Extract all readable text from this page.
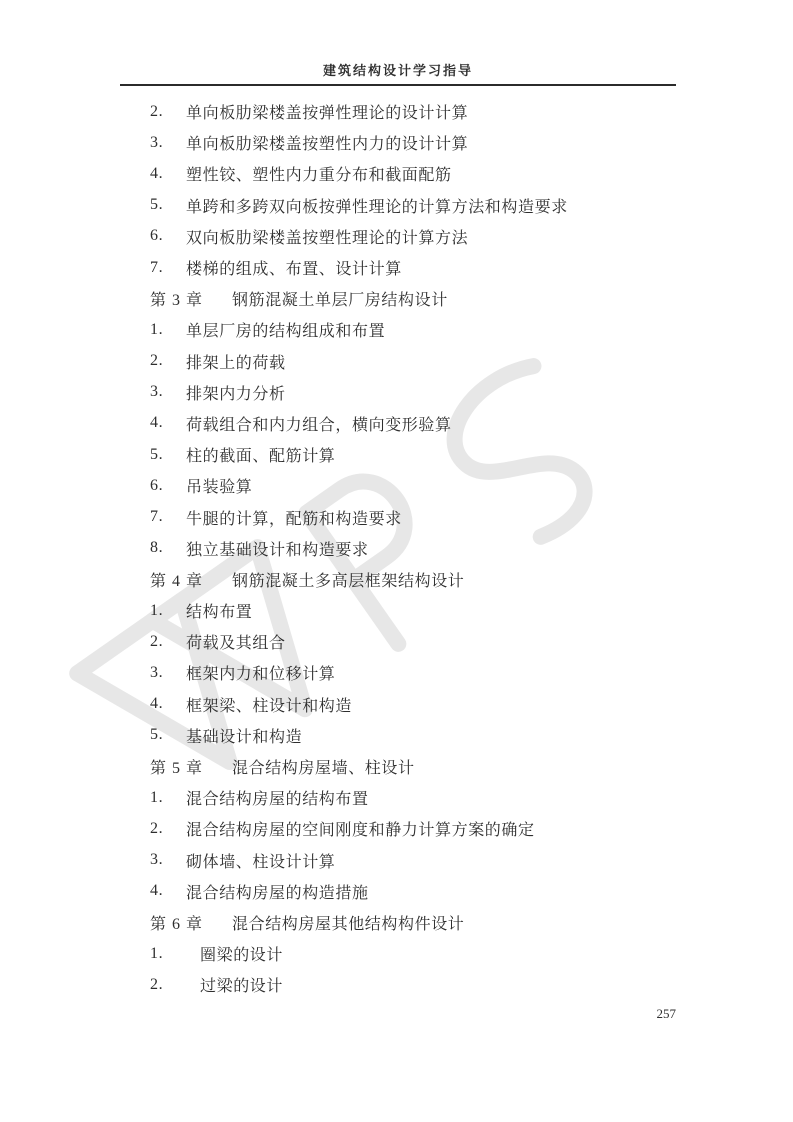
建筑结构设计学习指导
2.	单向板肋梁楼盖按弹性理论的设计计算
3.	单向板肋梁楼盖按塑性内力的设计计算
4.	塑性铰、塑性内力重分布和截面配筋
5.	单跨和多跨双向板按弹性理论的计算方法和构造要求
6.	双向板肋梁楼盖按塑性理论的计算方法
7.	楼梯的组成、布置、设计计算
第 3 章	钢筋混凝土单层厂房结构设计
1.	单层厂房的结构组成和布置
2.	排架上的荷载
3.	排架内力分析
4.	荷载组合和内力组合，横向变形验算
5.	柱的截面、配筋计算
6.	吊装验算
7.	牛腿的计算，配筋和构造要求
8.	独立基础设计和构造要求
第 4 章	钢筋混凝土多高层框架结构设计
1.	结构布置
2.	荷载及其组合
3.	框架内力和位移计算
4.	框架梁、柱设计和构造
5.	基础设计和构造
第 5 章	混合结构房屋墙、柱设计
1.	混合结构房屋的结构布置
2.	混合结构房屋的空间刚度和静力计算方案的确定
3.	砌体墙、柱设计计算
4.	混合结构房屋的构造措施
第 6 章	混合结构房屋其他结构构件设计
1.	圈梁的设计
2.	过梁的设计
257
